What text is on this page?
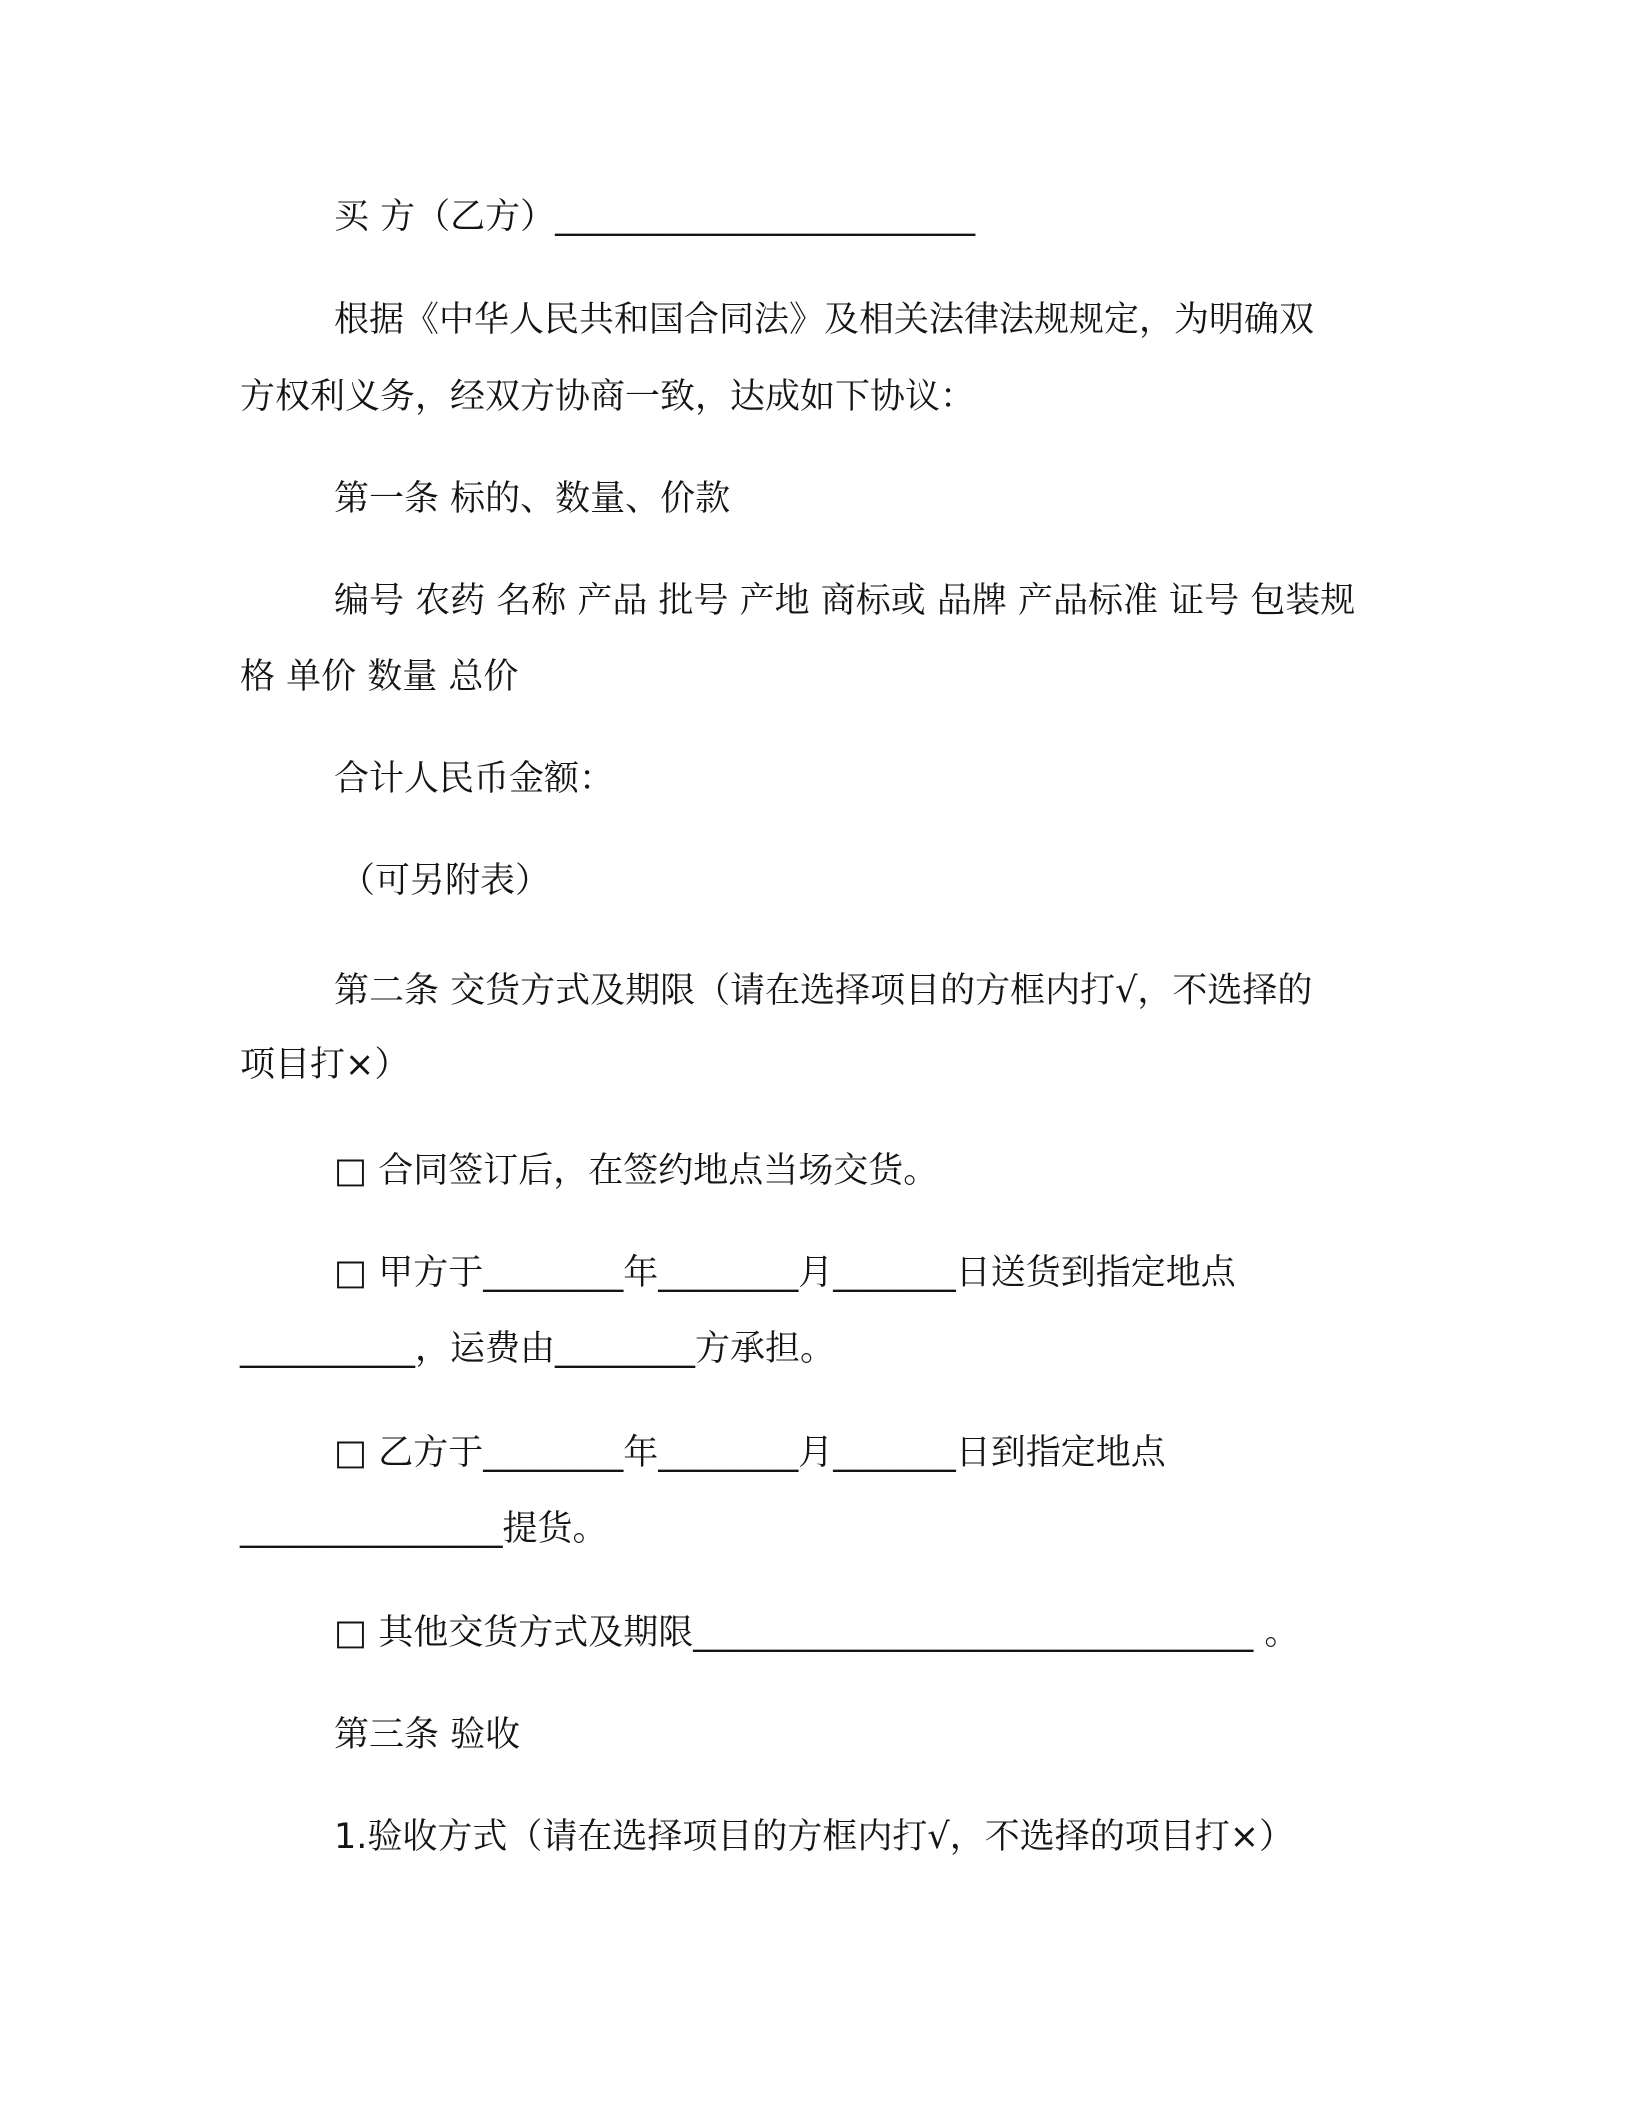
买 方（乙方）________________________
根据《中华人民共和国合同法》及相关法律法规规定，为明确双
方权利义务，经双方协商一致，达成如下协议：
第一条 标的、数量、价款
编号 农药 名称 产品 批号 产地 商标或 品牌 产品标准 证号 包装规
格 单价 数量 总价
合计人民币金额：
（可另附表）
第二条 交货方式及期限（请在选择项目的方框内打√，不选择的
项目打×）
□ 合同签订后，在签约地点当场交货。
□ 甲方于________年________月_______日送货到指定地点
__________，运费由________方承担。
□ 乙方于________年________月_______日到指定地点
_______________提货。
□ 其他交货方式及期限________________________________ 。
第三条 验收
1.验收方式（请在选择项目的方框内打√，不选择的项目打×）
